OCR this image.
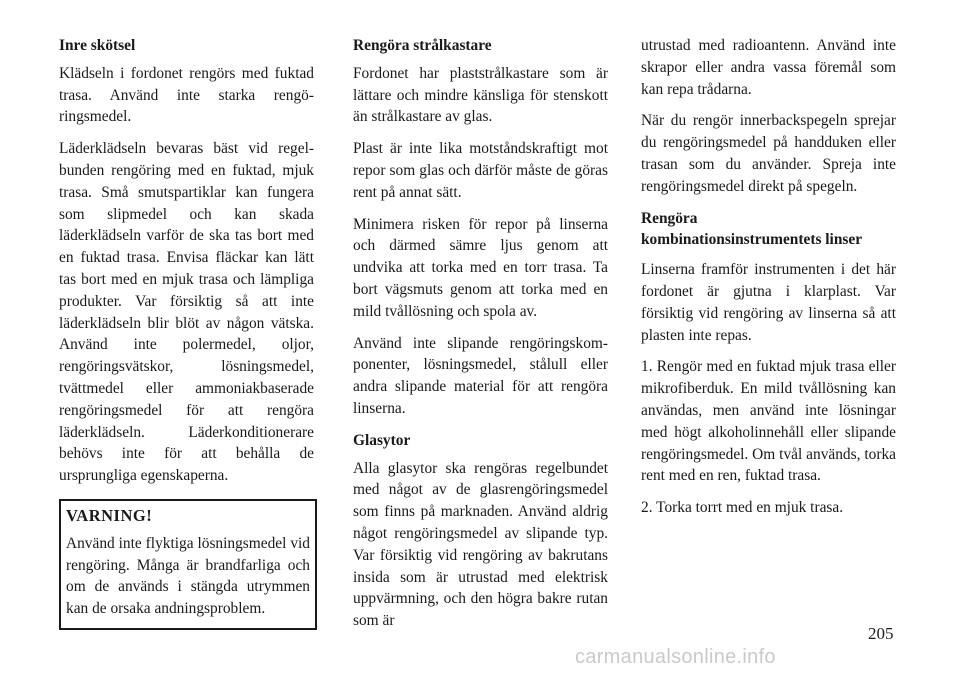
Inre skötsel

Klädseln i fordonet rengörs med fuktad trasa. Använd inte starka rengöringsmedel.

Läderklädseln bevaras bäst vid regelbunden rengöring med en fuktad, mjuk trasa. Små smutspartiklar kan fungera som slipmedel och kan skada läderklädseln varför de ska tas bort med en fuktad trasa. Envisa fläckar kan lätt tas bort med en mjuk trasa och lämpliga produkter. Var försiktig så att inte läderklädseln blir blöt av någon vätska. Använd inte polermedel, oljor, rengöringsvätskor, lösningsmedel, tvättmedel eller ammoniakbaserade rengöringsmedel för att rengöra läderklädseln. Läderkonditionerare behövs inte för att behålla de ursprungliga egenskaperna.

VARNING!

Använd inte flyktiga lösningsmedel vid rengöring. Många är brandfarliga och om de används i stängda utrymmen kan de orsaka andningsproblem.

Rengöra strålkastare

Fordonet har plaststrålkastare som är lättare och mindre känsliga för stenskott än strålkastare av glas.

Plast är inte lika motståndskraftigt mot repor som glas och därför måste de göras rent på annat sätt.

Minimera risken för repor på linserna och därmed sämre ljus genom att undvika att torka med en torr trasa. Ta bort vägsmuts genom att torka med en mild tvållösning och spola av.

Använd inte slipande rengöringskomponenter, lösningsmedel, stålull eller andra slipande material för att rengöra linserna.

Glasytor

Alla glasytor ska rengöras regelbundet med något av de glasrengöringsmedel som finns på marknaden. Använd aldrig något rengöringsmedel av slipande typ. Var försiktig vid rengöring av bakrutans insida som är utrustad med elektrisk uppvärmning, och den högra bakre rutan som är

utrustad med radioantenn. Använd inte skrapor eller andra vassa föremål som kan repa trådarna.

När du rengör innerbackspegeln sprejar du rengöringsmedel på handduken eller trasan som du använder. Spreja inte rengöringsmedel direkt på spegeln.

Rengöra
kombinationsinstrumentets linser

Linserna framför instrumenten i det här fordonet är gjutna i klarplast. Var försiktig vid rengöring av linserna så att plasten inte repas.

1. Rengör med en fuktad mjuk trasa eller mikrofiberduk. En mild tvållösning kan användas, men använd inte lösningar med högt alkoholinnehåll eller slipande rengöringsmedel. Om tvål används, torka rent med en ren, fuktad trasa.

2. Torka torrt med en mjuk trasa.

205
carmanualsonline.info
